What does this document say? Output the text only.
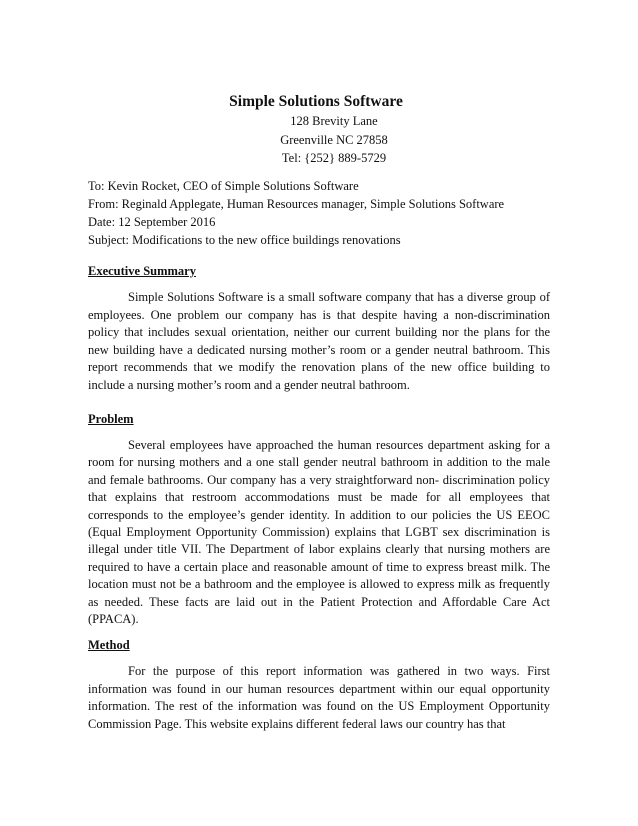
Simple Solutions Software
128 Brevity Lane
Greenville NC 27858
Tel: {252} 889-5729
To: Kevin Rocket, CEO of Simple Solutions Software
From: Reginald Applegate, Human Resources manager, Simple Solutions Software
Date: 12 September 2016
Subject: Modifications to the new office buildings renovations
Executive Summary
Simple Solutions Software is a small software company that has a diverse group of employees. One problem our company has is that despite having a non-discrimination policy that includes sexual orientation, neither our current building nor the plans for the new building have a dedicated nursing mother’s room or a gender neutral bathroom. This report recommends that we modify the renovation plans of the new office building to include a nursing mother’s room and a gender neutral bathroom.
Problem
Several employees have approached the human resources department asking for a room for nursing mothers and a one stall gender neutral bathroom in addition to the male and female bathrooms. Our company has a very straightforward non- discrimination policy that explains that restroom accommodations must be made for all employees that corresponds to the employee’s gender identity. In addition to our policies the US EEOC (Equal Employment Opportunity Commission) explains that LGBT sex discrimination is illegal under title VII. The Department of labor explains clearly that nursing mothers are required to have a certain place and reasonable amount of time to express breast milk. The location must not be a bathroom and the employee is allowed to express milk as frequently as needed. These facts are laid out in the Patient Protection and Affordable Care Act (PPACA).
Method
For the purpose of this report information was gathered in two ways. First information was found in our human resources department within our equal opportunity information. The rest of the information was found on the US Employment Opportunity Commission Page. This website explains different federal laws our country has that
